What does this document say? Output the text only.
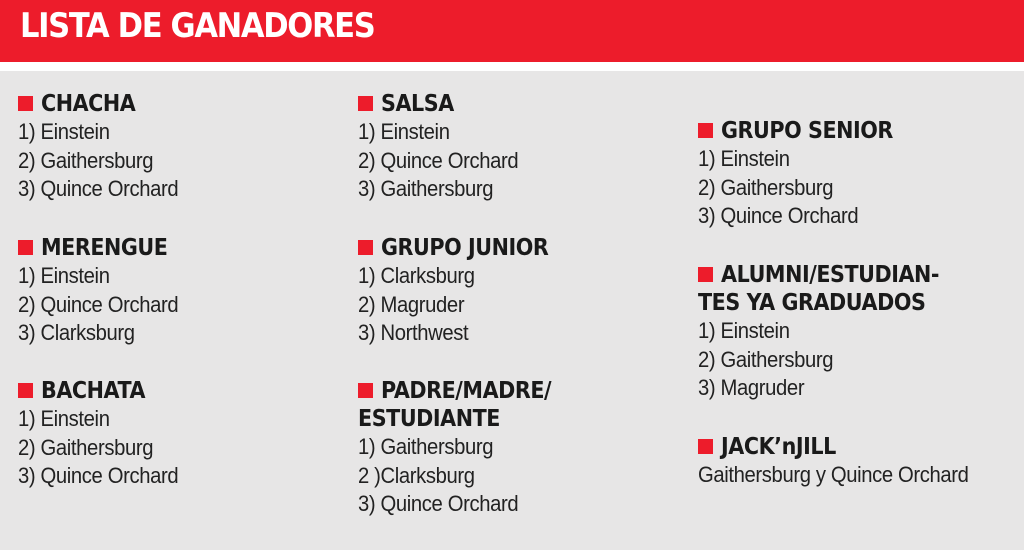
LISTA DE GANADORES
CHACHA
1) Einstein
2) Gaithersburg
3) Quince Orchard
MERENGUE
1) Einstein
2) Quince Orchard
3) Clarksburg
BACHATA
1) Einstein
2) Gaithersburg
3) Quince Orchard
SALSA
1) Einstein
2) Quince Orchard
3) Gaithersburg
GRUPO JUNIOR
1) Clarksburg
2) Magruder
3) Northwest
PADRE/MADRE/
ESTUDIANTE
1) Gaithersburg
2 )Clarksburg
3) Quince Orchard
GRUPO SENIOR
1) Einstein
2) Gaithersburg
3) Quince Orchard
ALUMNI/ESTUDIAN-
TES YA GRADUADOS
1) Einstein
2) Gaithersburg
3) Magruder
JACK’nJILL
Gaithersburg y Quince Orchard
